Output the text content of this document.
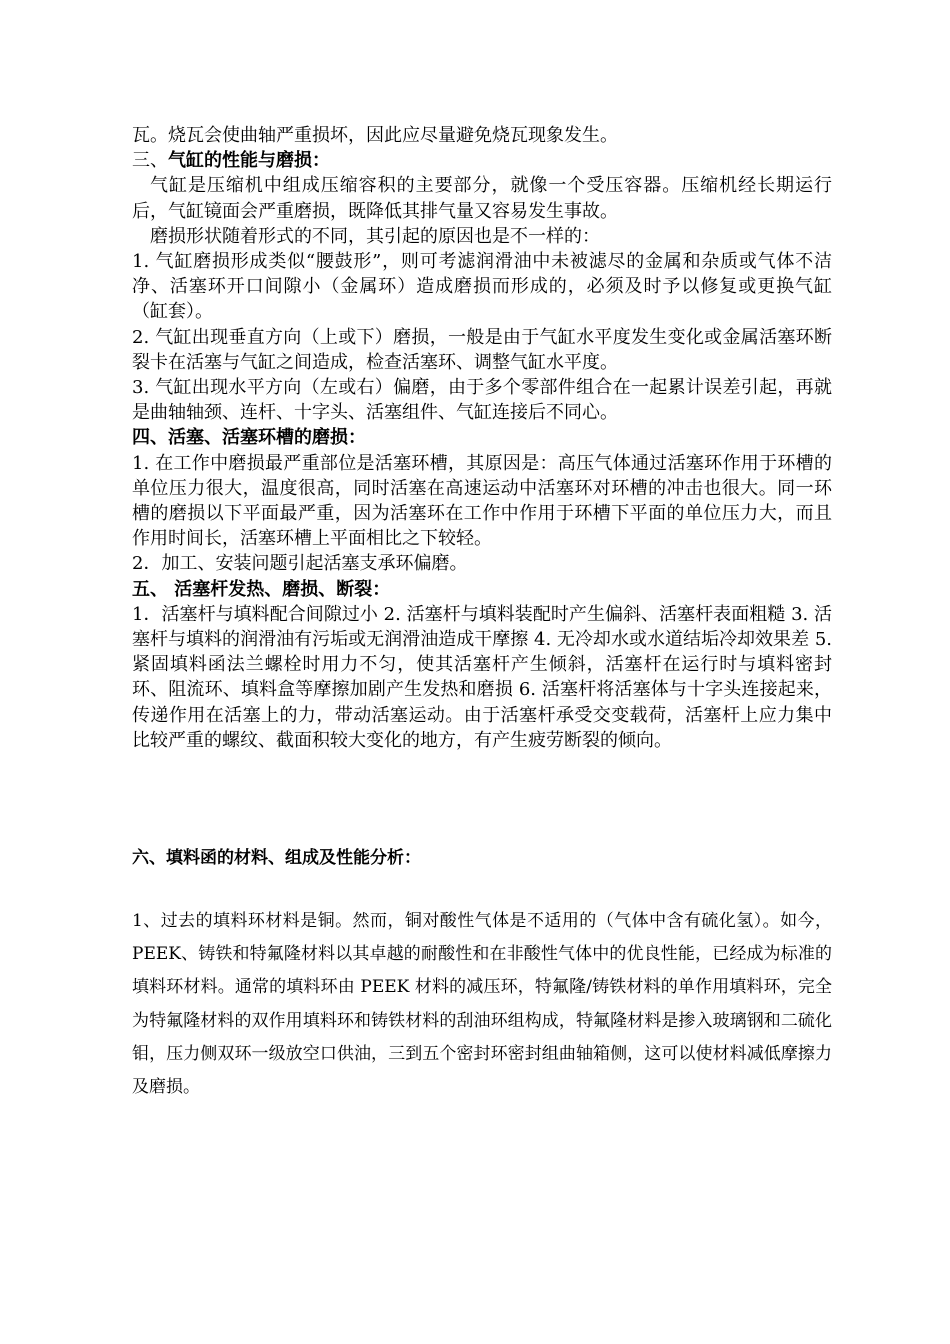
瓦。烧瓦会使曲轴严重损坏，因此应尽量避免烧瓦现象发生。

三、气缸的性能与磨损：

气缸是压缩机中组成压缩容积的主要部分，就像一个受压容器。压缩机经长期运行后，气缸镜面会严重磨损，既降低其排气量又容易发生事故。

磨损形状随着形式的不同，其引起的原因也是不一样的：

1. 气缸磨损形成类似“腰鼓形”，则可考滤润滑油中未被滤尽的金属和杂质或气体不洁净、活塞环开口间隙小（金属环）造成磨损而形成的，必须及时予以修复或更换气缸（缸套）。

2. 气缸出现垂直方向（上或下）磨损，一般是由于气缸水平度发生变化或金属活塞环断裂卡在活塞与气缸之间造成，检查活塞环、调整气缸水平度。

3. 气缸出现水平方向（左或右）偏磨，由于多个零部件组合在一起累计误差引起，再就是曲轴轴颈、连杆、十字头、活塞组件、气缸连接后不同心。

四、活塞、活塞环槽的磨损：

1. 在工作中磨损最严重部位是活塞环槽，其原因是：高压气体通过活塞环作用于环槽的单位压力很大，温度很高，同时活塞在高速运动中活塞环对环槽的冲击也很大。同一环槽的磨损以下平面最严重，因为活塞环在工作中作用于环槽下平面的单位压力大，而且作用时间长，活塞环槽上平面相比之下较轻。

2．加工、安装问题引起活塞支承环偏磨。

五、 活塞杆发热、磨损、断裂：

1．活塞杆与填料配合间隙过小 2. 活塞杆与填料装配时产生偏斜、活塞杆表面粗糙 3. 活塞杆与填料的润滑油有污垢或无润滑油造成干摩擦 4. 无冷却水或水道结垢冷却效果差 5. 紧固填料函法兰螺栓时用力不匀，使其活塞杆产生倾斜，活塞杆在运行时与填料密封环、阻流环、填料盒等摩擦加剧产生发热和磨损 6. 活塞杆将活塞体与十字头连接起来，传递作用在活塞上的力，带动活塞运动。由于活塞杆承受交变载荷，活塞杆上应力集中比较严重的螺纹、截面积较大变化的地方，有产生疲劳断裂的倾向。

六、填料函的材料、组成及性能分析：

1、过去的填料环材料是铜。然而，铜对酸性气体是不适用的（气体中含有硫化氢）。如今，PEEK、铸铁和特氟隆材料以其卓越的耐酸性和在非酸性气体中的优良性能，已经成为标准的填料环材料。通常的填料环由 PEEK 材料的减压环，特氟隆/铸铁材料的单作用填料环，完全为特氟隆材料的双作用填料环和铸铁材料的刮油环组构成，特氟隆材料是掺入玻璃钢和二硫化钼，压力侧双环一级放空口供油，三到五个密封环密封组曲轴箱侧，这可以使材料减低摩擦力及磨损。
